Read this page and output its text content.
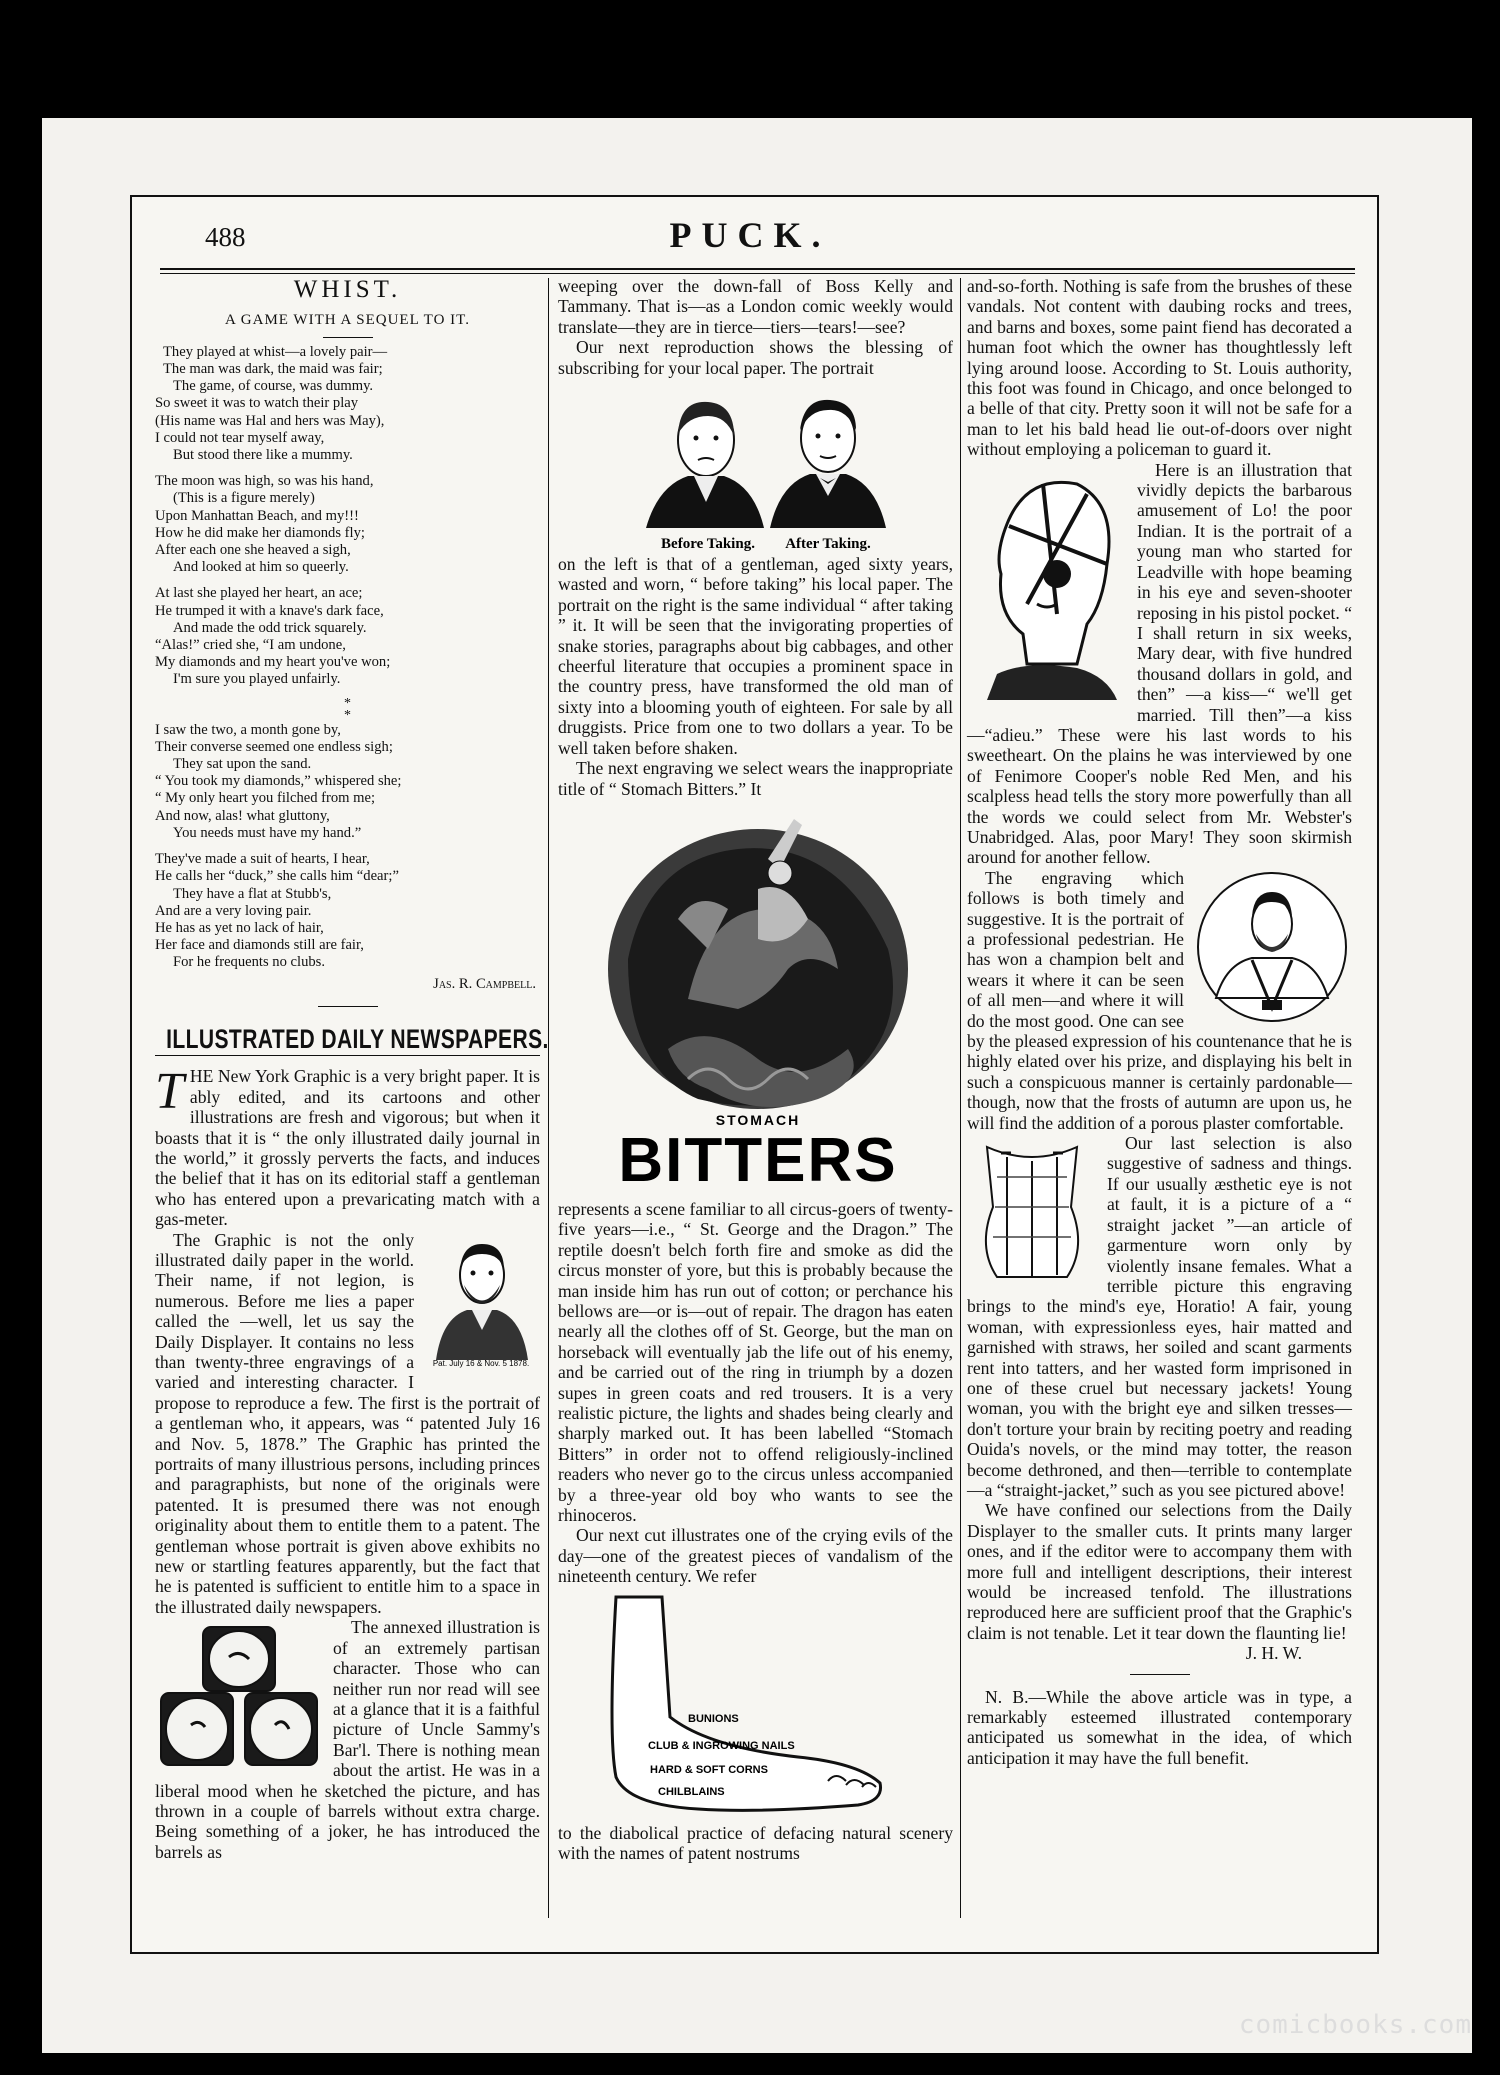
488	PUCK.
WHIST.
A GAME WITH A SEQUEL TO IT.
They played at whist—a lovely pair—
The man was dark, the maid was fair;
The game, of course, was dummy.
So sweet it was to watch their play
(His name was Hal and hers was May),
I could not tear myself away,
But stood there like a mummy.
The moon was high, so was his hand,
(This is a figure merely)
Upon Manhattan Beach, and my!!!
How he did make her diamonds fly;
After each one she heaved a sigh,
And looked at him so queerly.
At last she played her heart, an ace;
He trumped it with a knave's dark face,
And made the odd trick squarely.
“Alas!” cried she, “I am undone,
My diamonds and my heart you've won;
I'm sure you played unfairly.
*
*
I saw the two, a month gone by,
Their converse seemed one endless sigh;
They sat upon the sand.
“ You took my diamonds,” whispered she;
“ My only heart you filched from me;
And now, alas! what gluttony,
You needs must have my hand.”
They've made a suit of hearts, I hear,
He calls her “duck,” she calls him “dear;”
They have a flat at Stubb's,
And are a very loving pair.
He has as yet no lack of hair,
Her face and diamonds still are fair,
For he frequents no clubs.
Jas. R. Campbell.
ILLUSTRATED DAILY NEWSPAPERS.

THE New York Graphic is a very bright paper. It is ably edited, and its cartoons and other illustrations are fresh and vigorous; but when it boasts that it is “ the only illustrated daily journal in the world,” it grossly perverts the facts, and induces the belief that it has on its editorial staff a gentleman who has entered upon a prevaricating match with a gas-meter.

Pat. July 16 & Nov. 5 1878.
The Graphic is not the only illustrated daily paper in the world. Their name, if not legion, is numerous. Before me lies a paper called the —well, let us say the Daily Displayer. It contains no less than twenty-three engravings of a varied and interesting character. I propose to reproduce a few. The first is the portrait of a gentleman who, it appears, was “ patented July 16 and Nov. 5, 1878.” The Graphic has printed the portraits of many illustrious persons, including princes and paragraphists, but none of the originals were patented. It is presumed there was not enough originality about them to entitle them to a patent. The gentleman whose portrait is given above exhibits no new or startling features apparently, but the fact that he is patented is sufficient to entitle him to a space in the illustrated daily newspapers.

The annexed illustration is of an extremely partisan character. Those who can neither run nor read will see at a glance that it is a faithful picture of Uncle Sammy's Bar'l. There is nothing mean about the artist. He was in a liberal mood when he sketched the picture, and has thrown in a couple of barrels without extra charge. Being something of a joker, he has introduced the barrels as

weeping over the down-fall of Boss Kelly and Tammany. That is—as a London comic weekly would translate—they are in tierce—tiers—tears!—see?

Our next reproduction shows the blessing of subscribing for your local paper. The portrait

Before Taking. After Taking.

on the left is that of a gentleman, aged sixty years, wasted and worn, “ before taking” his local paper. The portrait on the right is the same individual “ after taking ” it. It will be seen that the invigorating properties of snake stories, paragraphs about big cabbages, and other cheerful literature that occupies a prominent space in the country press, have transformed the old man of sixty into a blooming youth of eighteen. For sale by all druggists. Price from one to two dollars a year. To be well taken before shaken.

The next engraving we select wears the inappropriate title of “ Stomach Bitters.” It

STOMACH
BITTERS

represents a scene familiar to all circus-goers of twenty-five years—i.e., “ St. George and the Dragon.” The reptile doesn't belch forth fire and smoke as did the circus monster of yore, but this is probably because the man inside him has run out of cotton; or perchance his bellows are—or is—out of repair. The dragon has eaten nearly all the clothes off of St. George, but the man on horseback will eventually jab the life out of his enemy, and be carried out of the ring in triumph by a dozen supes in green coats and red trousers. It is a very realistic picture, the lights and shades being clearly and sharply marked out. It has been labelled “Stomach Bitters” in order not to offend religiously-inclined readers who never go to the circus unless accompanied by a three-year old boy who wants to see the rhinoceros.

Our next cut illustrates one of the crying evils of the day—one of the greatest pieces of vandalism of the nineteenth century. We refer

BUNIONS
CLUB & INGROWING NAILS
HARD & SOFT CORNS
CHILBLAINS

to the diabolical practice of defacing natural scenery with the names of patent nostrums

and-so-forth. Nothing is safe from the brushes of these vandals. Not content with daubing rocks and trees, and barns and boxes, some paint fiend has decorated a human foot which the owner has thoughtlessly left lying around loose. According to St. Louis authority, this foot was found in Chicago, and once belonged to a belle of that city. Pretty soon it will not be safe for a man to let his bald head lie out-of-doors over night without employing a policeman to guard it.

Here is an illustration that vividly depicts the barbarous amusement of Lo! the poor Indian. It is the portrait of a young man who started for Leadville with hope beaming in his eye and seven-shooter reposing in his pistol pocket. “ I shall return in six weeks, Mary dear, with five hundred thousand dollars in gold, and then” —a kiss—“ we'll get married. Till then”—a kiss —“adieu.” These were his last words to his sweetheart. On the plains he was interviewed by one of Fenimore Cooper's noble Red Men, and his scalpless head tells the story more powerfully than all the words we could select from Mr. Webster's Unabridged. Alas, poor Mary! They soon skirmish around for another fellow.

The engraving which follows is both timely and suggestive. It is the portrait of a professional pedestrian. He has won a champion belt and wears it where it can be seen of all men—and where it will do the most good. One can see by the pleased expression of his countenance that he is highly elated over his prize, and displaying his belt in such a conspicuous manner is certainly pardonable—though, now that the frosts of autumn are upon us, he will find the addition of a porous plaster comfortable.

Our last selection is also suggestive of sadness and things. If our usually æsthetic eye is not at fault, it is a picture of a “ straight jacket ”—an article of garmenture worn only by violently insane females. What a terrible picture this engraving brings to the mind's eye, Horatio! A fair, young woman, with expressionless eyes, hair matted and garnished with straws, her soiled and scant garments rent into tatters, and her wasted form imprisoned in one of these cruel but necessary jackets! Young woman, you with the bright eye and silken tresses—don't torture your brain by reciting poetry and reading Ouida's novels, or the mind may totter, the reason become dethroned, and then—terrible to contemplate—a “straight-jacket,” such as you see pictured above!

We have confined our selections from the Daily Displayer to the smaller cuts. It prints many larger ones, and if the editor were to accompany them with more full and intelligent descriptions, their interest would be increased tenfold. The illustrations reproduced here are sufficient proof that the Graphic's claim is not tenable. Let it tear down the flaunting lie!

J. H. W.

N. B.—While the above article was in type, a remarkably esteemed illustrated contemporary anticipated us somewhat in the idea, of which anticipation it may have the full benefit.

comicbooks.com
